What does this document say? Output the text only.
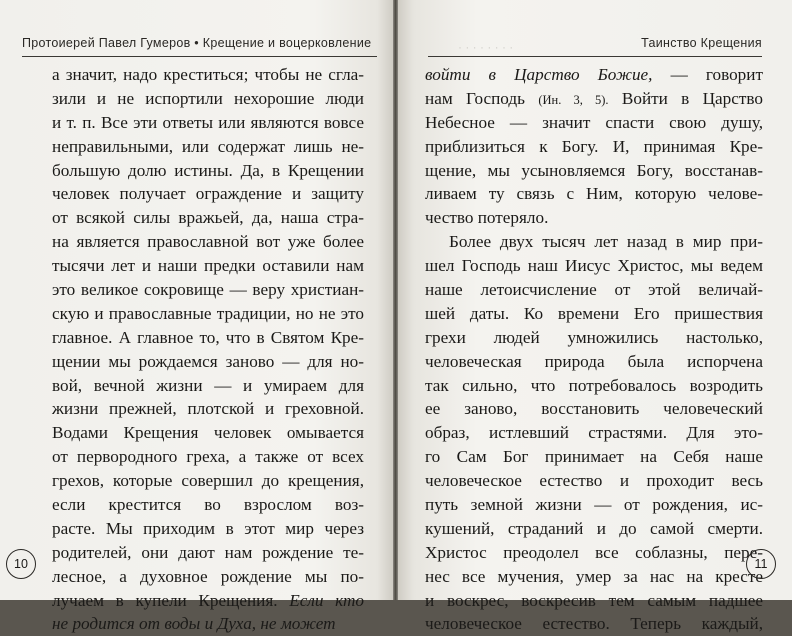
Протоиерей Павел Гумеров • Крещение и воцерковление
а значит, надо креститься; чтобы не сгла-
зили и не испортили нехорошие люди
и т. п. Все эти ответы или являются вовсе
неправильными, или содержат лишь не-
большую долю истины. Да, в Крещении
человек получает ограждение и защиту
от всякой силы вражьей, да, наша стра-
на является православной вот уже более
тысячи лет и наши предки оставили нам
это великое сокровище — веру христиан-
скую и православные традиции, но не это
главное. А главное то, что в Святом Кре-
щении мы рождаемся заново — для но-
вой, вечной жизни — и умираем для
жизни прежней, плотской и греховной.
Водами Крещения человек омывается
от первородного греха, а также от всех
грехов, которые совершил до крещения,
если крестится во взрослом воз-
расте. Мы приходим в этот мир через
родителей, они дают нам рождение те-
лесное, а духовное рождение мы по-
лучаем в купели Крещения. Если кто
не родится от воды и Духа, не может
10
· · · · · · · ·	Таинство Крещения
войти в Царство Божие, — говорит
нам Господь (Ин. 3, 5). Войти в Царство
Небесное — значит спасти свою душу,
приблизиться к Богу. И, принимая Кре-
щение, мы усыновляемся Богу, восстанав-
ливаем ту связь с Ним, которую челове-
чество потеряло.
Более двух тысяч лет назад в мир при-
шел Господь наш Иисус Христос, мы ведем
наше летоисчисление от этой величай-
шей даты. Ко времени Его пришествия
грехи людей умножились настолько,
человеческая природа была испорчена
так сильно, что потребовалось возродить
ее заново, восстановить человеческий
образ, истлевший страстями. Для это-
го Сам Бог принимает на Себя наше
человеческое естество и проходит весь
путь земной жизни — от рождения, ис-
кушений, страданий и до самой смерти.
Христос преодолел все соблазны, пере-
нес все мучения, умер за нас на кресте
и воскрес, воскресив тем самым падшее
человеческое естество. Теперь каждый,
11
